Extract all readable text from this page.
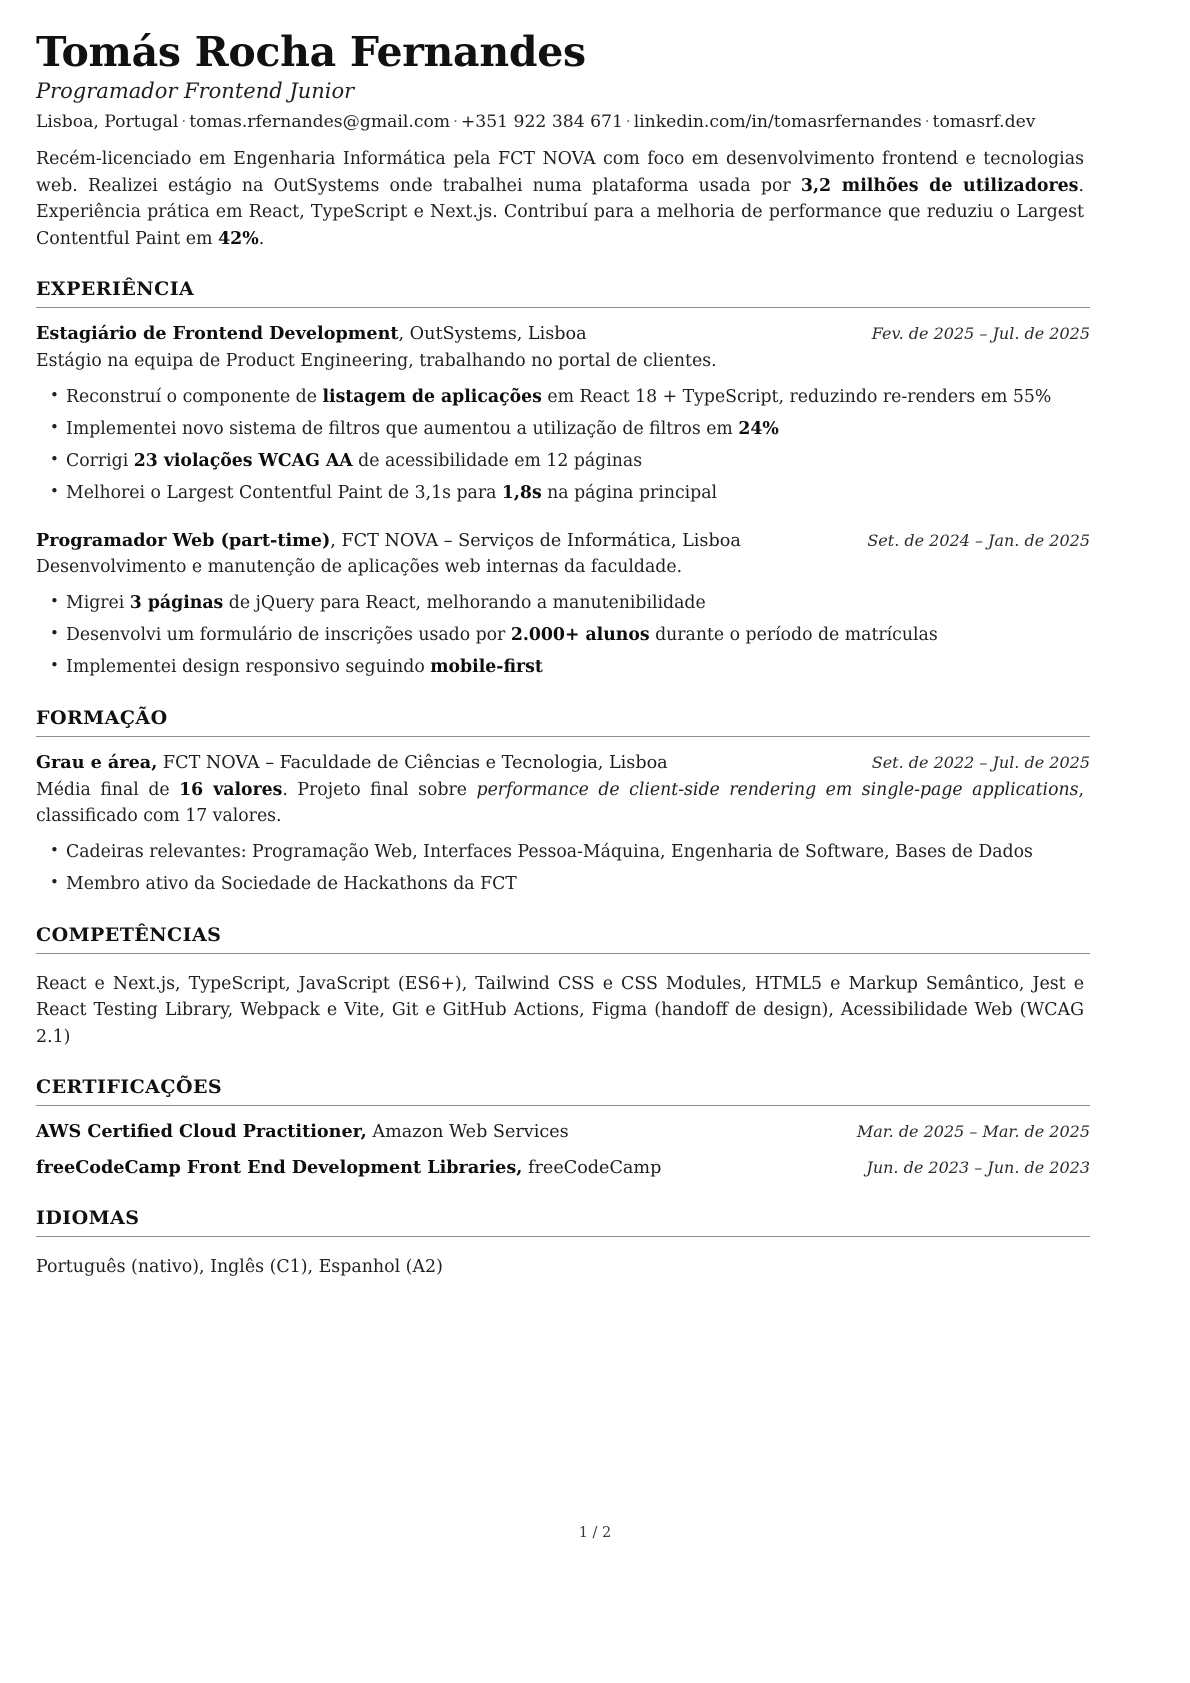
Tomás Rocha Fernandes
Programador Frontend Junior
Lisboa, Portugal · tomas.rfernandes@gmail.com · +351 922 384 671 · linkedin.com/in/tomasrfernandes · tomasrf.dev

Recém-licenciado em Engenharia Informática pela FCT NOVA com foco em desenvolvimento frontend e tecnologias web. Realizei estágio na OutSystems onde trabalhei numa plataforma usada por 3,2 milhões de utilizadores. Experiência prática em React, TypeScript e Next.js. Contribuí para a melhoria de performance que reduziu o Largest Contentful Paint em 42%.

EXPERIÊNCIA
Estagiário de Frontend Development, OutSystems, Lisboa	Fev. de 2025 – Jul. de 2025

Estágio na equipa de Product Engineering, trabalhando no portal de clientes.

• Reconstruí o componente de listagem de aplicações em React 18 + TypeScript, reduzindo re-renders em 55%
• Implementei novo sistema de filtros que aumentou a utilização de filtros em 24%
• Corrigi 23 violações WCAG AA de acessibilidade em 12 páginas
• Melhorei o Largest Contentful Paint de 3,1s para 1,8s na página principal
Programador Web (part-time), FCT NOVA – Serviços de Informática, Lisboa	Set. de 2024 – Jan. de 2025

Desenvolvimento e manutenção de aplicações web internas da faculdade.

• Migrei 3 páginas de jQuery para React, melhorando a manutenibilidade
• Desenvolvi um formulário de inscrições usado por 2.000+ alunos durante o período de matrículas
• Implementei design responsivo seguindo mobile-first
FORMAÇÃO
Grau e área, FCT NOVA – Faculdade de Ciências e Tecnologia, Lisboa	Set. de 2022 – Jul. de 2025

Média final de 16 valores. Projeto final sobre performance de client-side rendering em single-page applications, classificado com 17 valores.

• Cadeiras relevantes: Programação Web, Interfaces Pessoa-Máquina, Engenharia de Software, Bases de Dados
• Membro ativo da Sociedade de Hackathons da FCT
COMPETÊNCIAS

React e Next.js, TypeScript, JavaScript (ES6+), Tailwind CSS e CSS Modules, HTML5 e Markup Semântico, Jest e React Testing Library, Webpack e Vite, Git e GitHub Actions, Figma (handoff de design), Acessibilidade Web (WCAG 2.1)

CERTIFICAÇÕES
AWS Certified Cloud Practitioner, Amazon Web Services	Mar. de 2025 – Mar. de 2025
freeCodeCamp Front End Development Libraries, freeCodeCamp	Jun. de 2023 – Jun. de 2023
IDIOMAS

Português (nativo), Inglês (C1), Espanhol (A2)

1 / 2
